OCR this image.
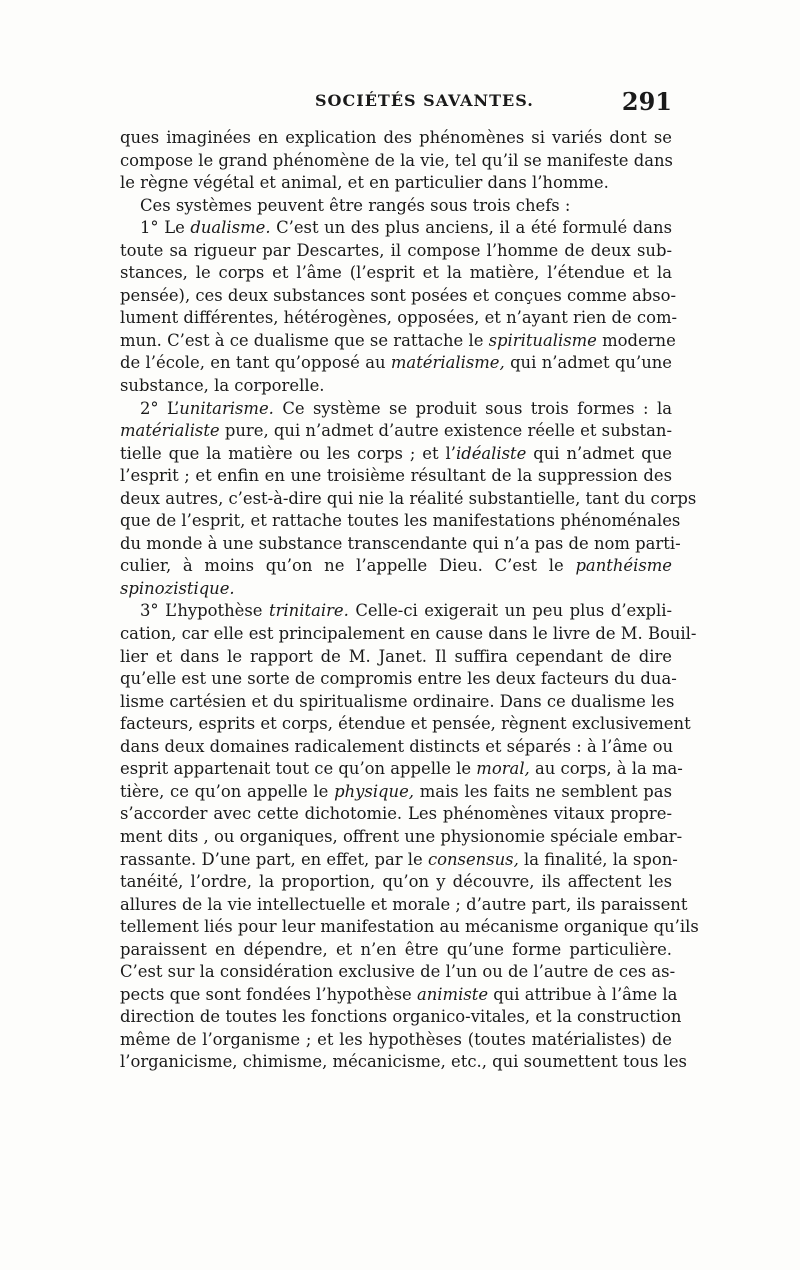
SOCIÉTÉS SAVANTES.	291
ques imaginées en explication des phénomènes si variés dont se
compose le grand phénomène de la vie, tel qu’il se manifeste dans
le règne végétal et animal, et en particulier dans l’homme.
Ces systèmes peuvent être rangés sous trois chefs :
1° Le dualisme. C’est un des plus anciens, il a été formulé dans
toute sa rigueur par Descartes, il compose l’homme de deux sub-
stances, le corps et l’âme (l’esprit et la matière, l’étendue et la
pensée), ces deux substances sont posées et conçues comme abso-
lument différentes, hétérogènes, opposées, et n’ayant rien de com-
mun. C’est à ce dualisme que se rattache le spiritualisme moderne
de l’école, en tant qu’opposé au matérialisme, qui n’admet qu’une
substance, la corporelle.
2° L’unitarisme. Ce système se produit sous trois formes : la
matérialiste pure, qui n’admet d’autre existence réelle et substan-
tielle que la matière ou les corps ; et l’idéaliste qui n’admet que
l’esprit ; et enfin en une troisième résultant de la suppression des
deux autres, c’est-à-dire qui nie la réalité substantielle, tant du corps
que de l’esprit, et rattache toutes les manifestations phénoménales
du monde à une substance transcendante qui n’a pas de nom parti-
culier, à moins qu’on ne l’appelle Dieu. C’est le panthéisme
spinozistique.
3° L’hypothèse trinitaire. Celle-ci exigerait un peu plus d’expli-
cation, car elle est principalement en cause dans le livre de M. Bouil-
lier et dans le rapport de M. Janet. Il suffira cependant de dire
qu’elle est une sorte de compromis entre les deux facteurs du dua-
lisme cartésien et du spiritualisme ordinaire. Dans ce dualisme les
facteurs, esprits et corps, étendue et pensée, règnent exclusivement
dans deux domaines radicalement distincts et séparés : à l’âme ou
esprit appartenait tout ce qu’on appelle le moral, au corps, à la ma-
tière, ce qu’on appelle le physique, mais les faits ne semblent pas
s’accorder avec cette dichotomie. Les phénomènes vitaux propre-
ment dits , ou organiques, offrent une physionomie spéciale embar-
rassante. D’une part, en effet, par le consensus, la finalité, la spon-
tanéité, l’ordre, la proportion, qu’on y découvre, ils affectent les
allures de la vie intellectuelle et morale ; d’autre part, ils paraissent
tellement liés pour leur manifestation au mécanisme organique qu’ils
paraissent en dépendre, et n’en être qu’une forme particulière.
C’est sur la considération exclusive de l’un ou de l’autre de ces as-
pects que sont fondées l’hypothèse animiste qui attribue à l’âme la
direction de toutes les fonctions organico-vitales, et la construction
même de l’organisme ; et les hypothèses (toutes matérialistes) de
l’organicisme, chimisme, mécanicisme, etc., qui soumettent tous les
